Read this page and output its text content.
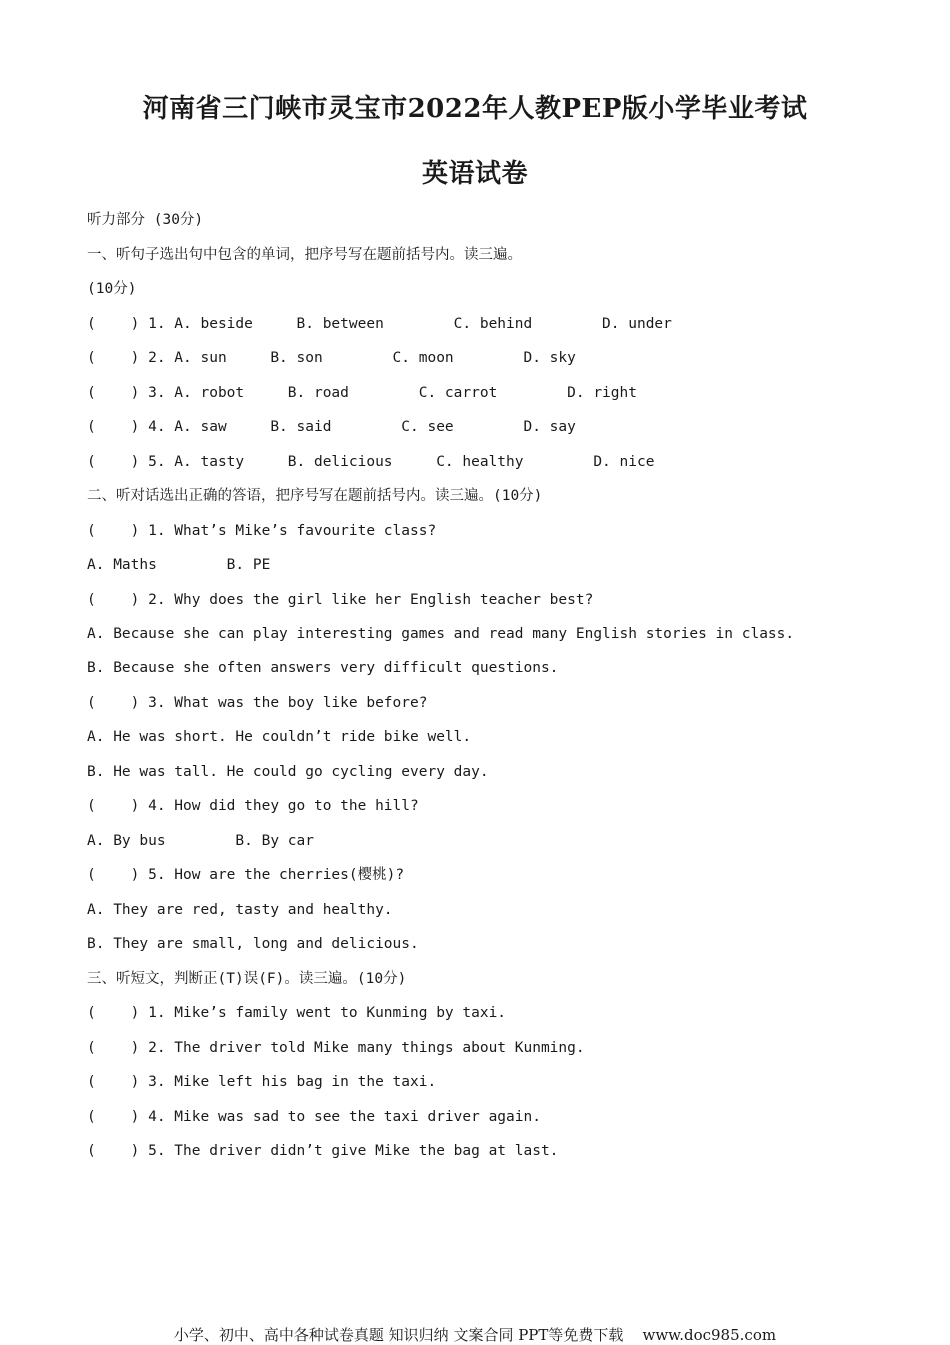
河南省三门峡市灵宝市2022年人教PEP版小学毕业考试
英语试卷
听力部分 (30分)
一、听句子选出句中包含的单词，把序号写在题前括号内。读三遍。
(10分)
(    ) 1. A. beside     B. between        C. behind        D. under
(    ) 2. A. sun     B. son        C. moon        D. sky
(    ) 3. A. robot     B. road        C. carrot        D. right
(    ) 4. A. saw     B. said        C. see        D. say
(    ) 5. A. tasty     B. delicious     C. healthy        D. nice
二、听对话选出正确的答语，把序号写在题前括号内。读三遍。(10分)
(    ) 1. What’s Mike’s favourite class?
A. Maths        B. PE
(    ) 2. Why does the girl like her English teacher best?
A. Because she can play interesting games and read many English stories in class.
B. Because she often answers very difficult questions.
(    ) 3. What was the boy like before?
A. He was short. He couldn’t ride bike well.
B. He was tall. He could go cycling every day.
(    ) 4. How did they go to the hill?
A. By bus        B. By car
(    ) 5. How are the cherries(樱桃)?
A. They are red, tasty and healthy.
B. They are small, long and delicious.
三、听短文，判断正(T)误(F)。读三遍。(10分)
(    ) 1. Mike’s family went to Kunming by taxi.
(    ) 2. The driver told Mike many things about Kunming.
(    ) 3. Mike left his bag in the taxi.
(    ) 4. Mike was sad to see the taxi driver again.
(    ) 5. The driver didn’t give Mike the bag at last.
小学、初中、高中各种试卷真题 知识归纳 文案合同 PPT等免费下载    www.doc985.com
